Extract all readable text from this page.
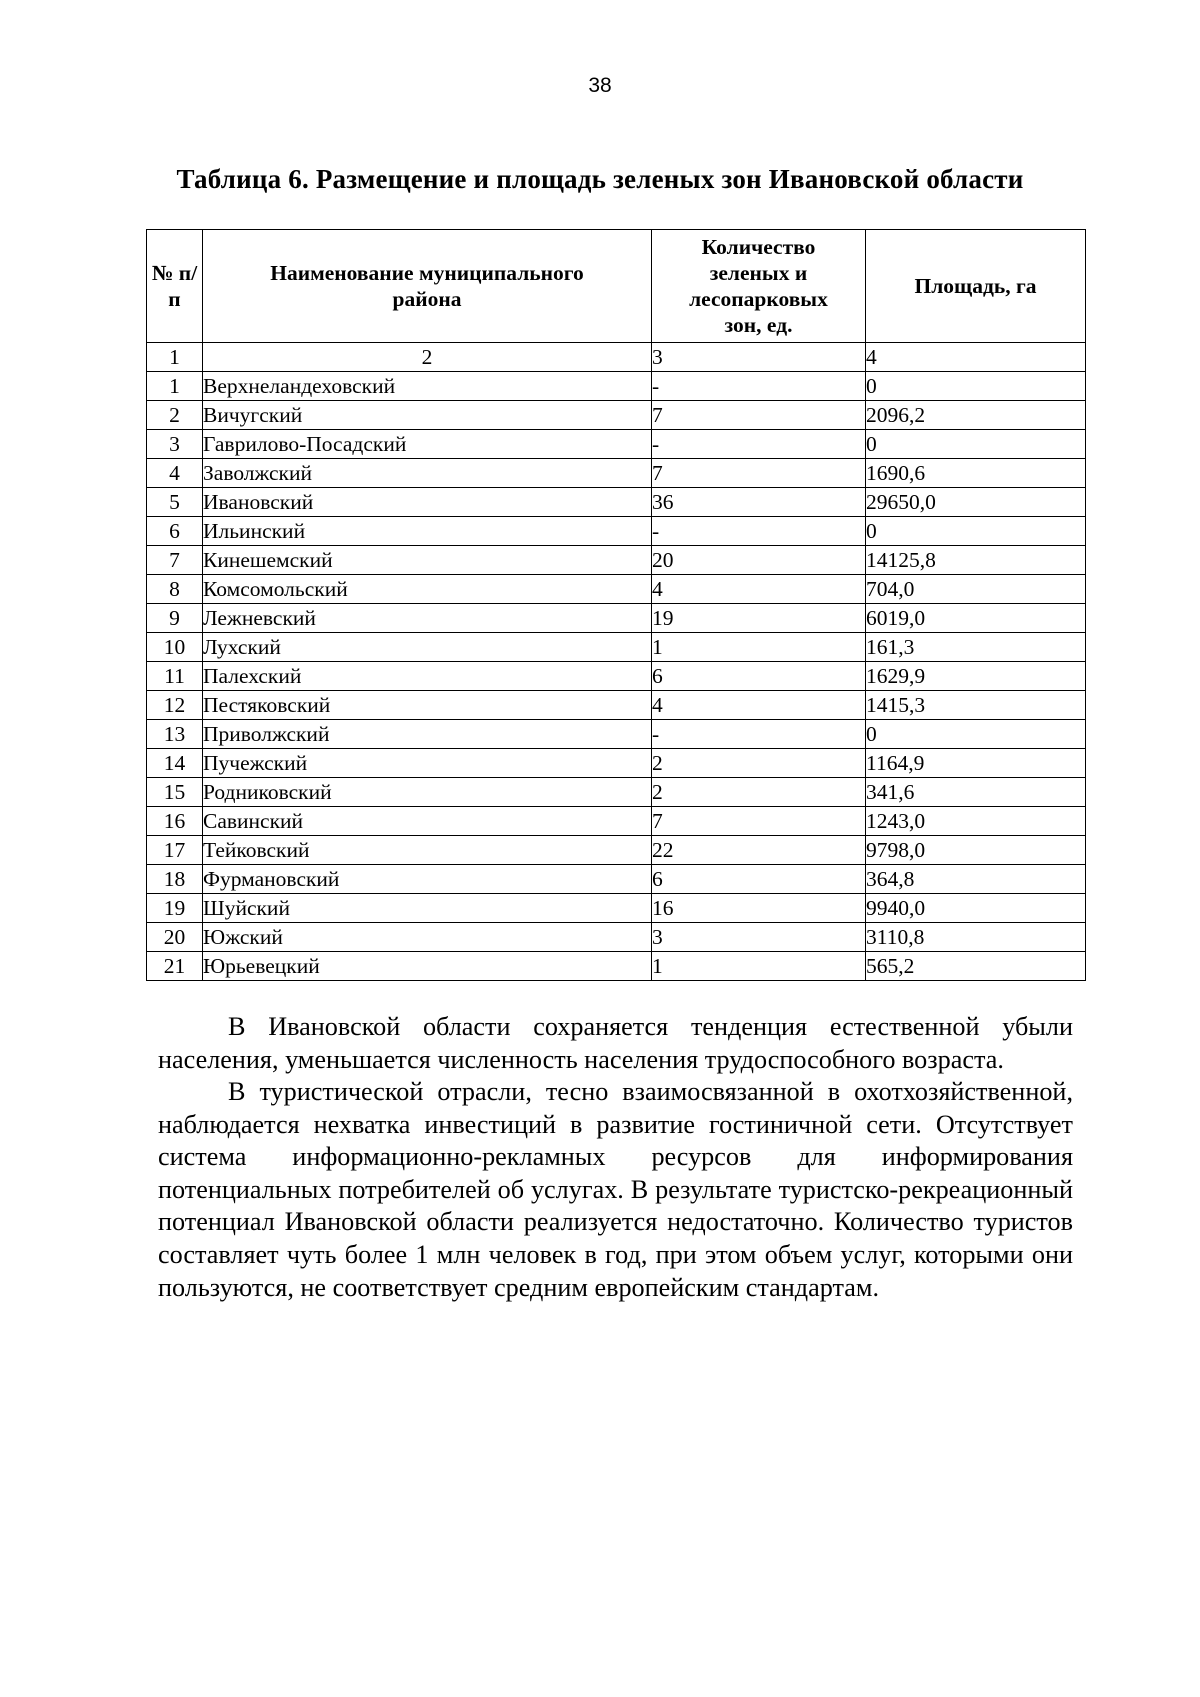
38
Таблица 6. Размещение и площадь зеленых зон Ивановской области
№ п/п	Наименование муниципального района	Количество зеленых и лесопарковых зон, ед.	Площадь, га
1	2	3	4
1	Верхнеландеховский	-	0
2	Вичугский	7	2096,2
3	Гаврилово-Посадский	-	0
4	Заволжский	7	1690,6
5	Ивановский	36	29650,0
6	Ильинский	-	0
7	Кинешемский	20	14125,8
8	Комсомольский	4	704,0
9	Лежневский	19	6019,0
10	Лухский	1	161,3
11	Палехский	6	1629,9
12	Пестяковский	4	1415,3
13	Приволжский	-	0
14	Пучежский	2	1164,9
15	Родниковский	2	341,6
16	Савинский	7	1243,0
17	Тейковский	22	9798,0
18	Фурмановский	6	364,8
19	Шуйский	16	9940,0
20	Южский	3	3110,8
21	Юрьевецкий	1	565,2

В Ивановской области сохраняется тенденция естественной убыли населения, уменьшается численность населения трудоспособного возраста.

В туристической отрасли, тесно взаимосвязанной в охотхозяйственной, наблюдается нехватка инвестиций в развитие гостиничной сети. Отсутствует система информационно-рекламных ресурсов для информирования потенциальных потребителей об услугах. В результате туристско-рекреационный потенциал Ивановской области реализуется недостаточно. Количество туристов составляет чуть более 1 млн человек в год, при этом объем услуг, которыми они пользуются, не соответствует средним европейским стандартам.
